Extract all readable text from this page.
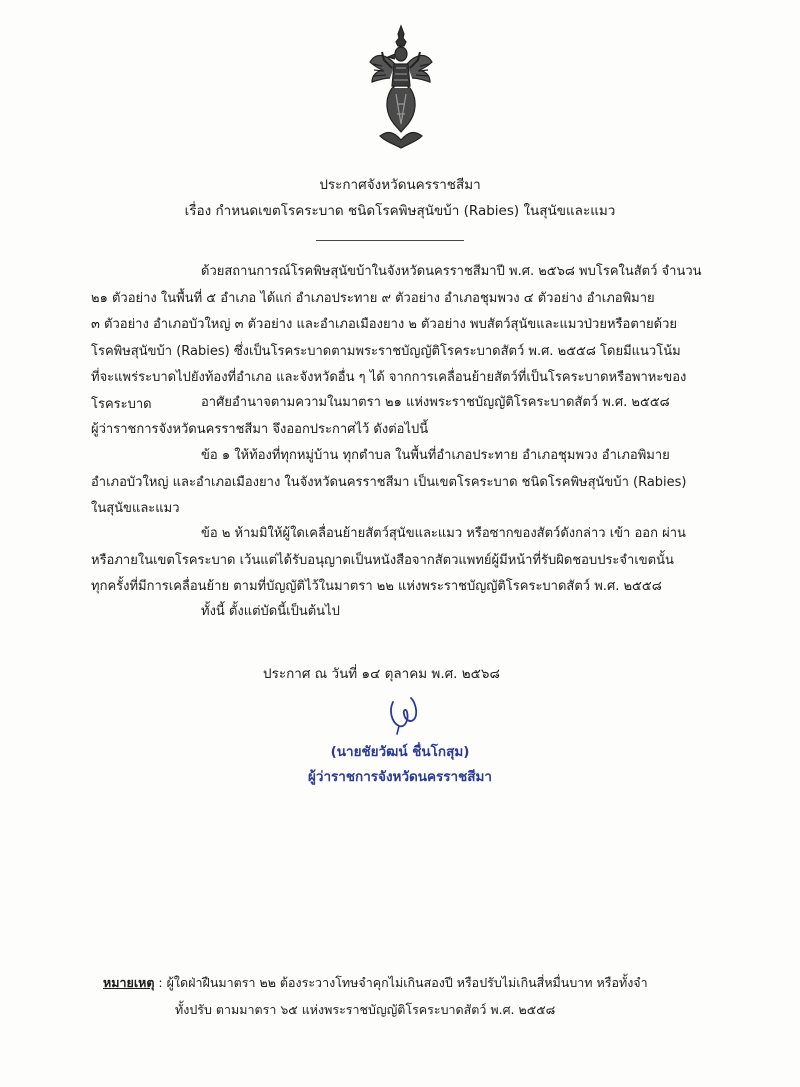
ประกาศจังหวัดนครราชสีมา
เรื่อง กำหนดเขตโรคระบาด ชนิดโรคพิษสุนัขบ้า (Rabies) ในสุนัขและแมว
ด้วยสถานการณ์โรคพิษสุนัขบ้าในจังหวัดนครราชสีมาปี พ.ศ. ๒๕๖๘ พบโรคในสัตว์ จำนวน
๒๑ ตัวอย่าง ในพื้นที่ ๕ อำเภอ ได้แก่ อำเภอประทาย ๙ ตัวอย่าง อำเภอชุมพวง ๔ ตัวอย่าง อำเภอพิมาย
๓ ตัวอย่าง อำเภอบัวใหญ่ ๓ ตัวอย่าง และอำเภอเมืองยาง ๒ ตัวอย่าง พบสัตว์สุนัขและแมวป่วยหรือตายด้วย
โรคพิษสุนัขบ้า (Rabies) ซึ่งเป็นโรคระบาดตามพระราชบัญญัติโรคระบาดสัตว์ พ.ศ. ๒๕๕๘ โดยมีแนวโน้ม
ที่จะแพร่ระบาดไปยังท้องที่อำเภอ และจังหวัดอื่น ๆ ได้ จากการเคลื่อนย้ายสัตว์ที่เป็นโรคระบาดหรือพาหะของ
โรคระบาด	อาศัยอำนาจตามความในมาตรา ๒๑ แห่งพระราชบัญญัติโรคระบาดสัตว์ พ.ศ. ๒๕๕๘
ผู้ว่าราชการจังหวัดนครราชสีมา จึงออกประกาศไว้ ดังต่อไปนี้
ข้อ ๑ ให้ท้องที่ทุกหมู่บ้าน ทุกตำบล ในพื้นที่อำเภอประทาย อำเภอชุมพวง อำเภอพิมาย
อำเภอบัวใหญ่ และอำเภอเมืองยาง ในจังหวัดนครราชสีมา เป็นเขตโรคระบาด ชนิดโรคพิษสุนัขบ้า (Rabies)
ในสุนัขและแมว
ข้อ ๒ ห้ามมิให้ผู้ใดเคลื่อนย้ายสัตว์สุนัขและแมว หรือซากของสัตว์ดังกล่าว เข้า ออก ผ่าน
หรือภายในเขตโรคระบาด เว้นแต่ได้รับอนุญาตเป็นหนังสือจากสัตวแพทย์ผู้มีหน้าที่รับผิดชอบประจำเขตนั้น
ทุกครั้งที่มีการเคลื่อนย้าย ตามที่บัญญัติไว้ในมาตรา ๒๒ แห่งพระราชบัญญัติโรคระบาดสัตว์ พ.ศ. ๒๕๕๘
ทั้งนี้ ตั้งแต่บัดนี้เป็นต้นไป
ประกาศ ณ วันที่ ๑๔ ตุลาคม พ.ศ. ๒๕๖๘
(นายชัยวัฒน์ ชื่นโกสุม)
ผู้ว่าราชการจังหวัดนครราชสีมา
หมายเหตุ : ผู้ใดฝ่าฝืนมาตรา ๒๒ ต้องระวางโทษจำคุกไม่เกินสองปี หรือปรับไม่เกินสี่หมื่นบาท หรือทั้งจำ
ทั้งปรับ ตามมาตรา ๖๕ แห่งพระราชบัญญัติโรคระบาดสัตว์ พ.ศ. ๒๕๕๘
